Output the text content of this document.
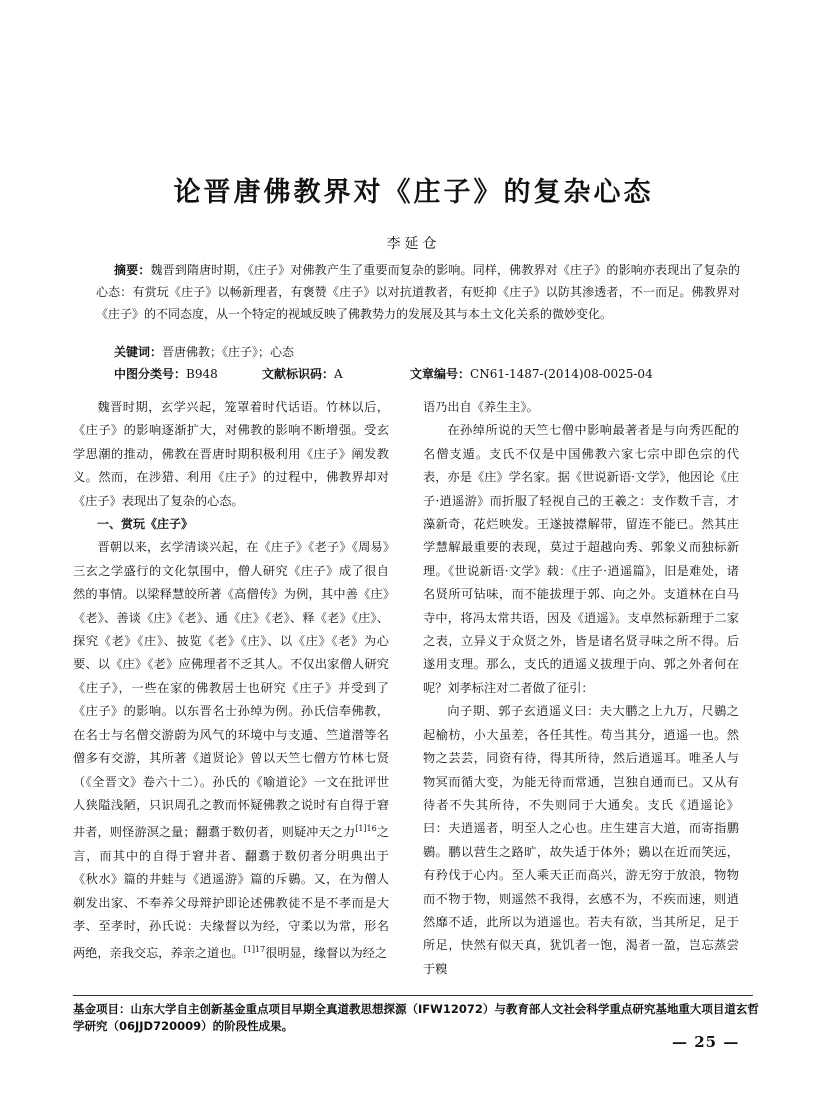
论晋唐佛教界对《庄子》的复杂心态
李延仓
摘要：魏晋到隋唐时期，《庄子》对佛教产生了重要而复杂的影响。同样，佛教界对《庄子》的影响亦表现出了复杂的心态：有赏玩《庄子》以畅新理者，有褒赞《庄子》以对抗道教者，有贬抑《庄子》以防其渗透者，不一而足。佛教界对《庄子》的不同态度，从一个特定的视域反映了佛教势力的发展及其与本土文化关系的微妙变化。
关键词：晋唐佛教；《庄子》；心态
中图分类号：B948	文献标识码：A	文章编号：CN61-1487-(2014)08-0025-04

魏晋时期，玄学兴起，笼罩着时代话语。竹林以后，《庄子》的影响逐渐扩大，对佛教的影响不断增强。受玄学思潮的推动，佛教在晋唐时期积极利用《庄子》阐发教义。然而，在涉猎、利用《庄子》的过程中，佛教界却对《庄子》表现出了复杂的心态。

一、赏玩《庄子》

晋朝以来，玄学清谈兴起，在《庄子》《老子》《周易》三玄之学盛行的文化氛围中，僧人研究《庄子》成了很自然的事情。以梁释慧皎所著《高僧传》为例，其中善《庄》《老》、善谈《庄》《老》、通《庄》《老》、释《老》《庄》、探究《老》《庄》、披览《老》《庄》、以《庄》《老》为心要、以《庄》《老》应佛理者不乏其人。不仅出家僧人研究《庄子》，一些在家的佛教居士也研究《庄子》并受到了《庄子》的影响。以东晋名士孙绰为例。孙氏信奉佛教，在名士与名僧交游蔚为风气的环境中与支遁、竺道潜等名僧多有交游，其所著《道贤论》曾以天竺七僧方竹林七贤（《全晋文》卷六十二）。孙氏的《喻道论》一文在批评世人狭隘浅陋，只识周孔之教而怀疑佛教之说时有自得于窘井者，则怪游溟之量；翻翥于数仞者，则疑冲天之力$^{[1]16}$之言，而其中的自得于窘井者、翻翥于数仞者分明典出于《秋水》篇的井蛙与《逍遥游》篇的斥鷃。又，在为僧人剃发出家、不奉养父母辩护即论述佛教徒不是不孝而是大孝、至孝时，孙氏说：夫缘督以为经，守柔以为常，形名两绝，亲我交忘，养亲之道也。$^{[1]17}$很明显，缘督以为经之

语乃出自《养生主》。

在孙绰所说的天竺七僧中影响最著者是与向秀匹配的名僧支遁。支氏不仅是中国佛教六家七宗中即色宗的代表，亦是《庄》学名家。据《世说新语·文学》，他因论《庄子·逍遥游》而折服了轻视自己的王羲之：支作数千言，才藻新奇，花烂映发。王遂披襟解带，留连不能已。然其庄学慧解最重要的表现，莫过于超越向秀、郭象义而独标新理。《世说新语·文学》载：《庄子·逍遥篇》，旧是难处，诸名贤所可钻味，而不能拔理于郭、向之外。支道林在白马寺中，将冯太常共语，因及《逍遥》。支卓然标新理于二家之表，立异义于众贤之外，皆是诸名贤寻味之所不得。后遂用支理。那么，支氏的逍遥义拔理于向、郭之外者何在呢？刘孝标注对二者做了征引：

向子期、郭子玄逍遥义曰：夫大鹏之上九万，尺鷃之起榆枋，小大虽差，各任其性。苟当其分，逍遥一也。然物之芸芸，同资有待，得其所待，然后逍遥耳。唯圣人与物冥而循大变，为能无待而常通，岂独自通而已。又从有待者不失其所待，不失则同于大通矣。支氏《逍遥论》曰：夫逍遥者，明至人之心也。庄生建言大道，而寄指鹏鷃。鹏以营生之路旷，故失适于体外；鷃以在近而笑远，有矜伐于心内。至人乘天正而高兴，游无穷于放浪，物物而不物于物，则遥然不我得，玄感不为，不疾而速，则逍然靡不适，此所以为逍遥也。若夫有欲，当其所足，足于所足，快然有似天真，犹饥者一饱，渴者一盈，岂忘蒸尝于糗

基金项目：山东大学自主创新基金重点项目早期全真道教思想探源（IFW12072）与教育部人文社会科学重点研究基地重大项目道玄哲学研究（06JJD720009）的阶段性成果。
— 25 —
